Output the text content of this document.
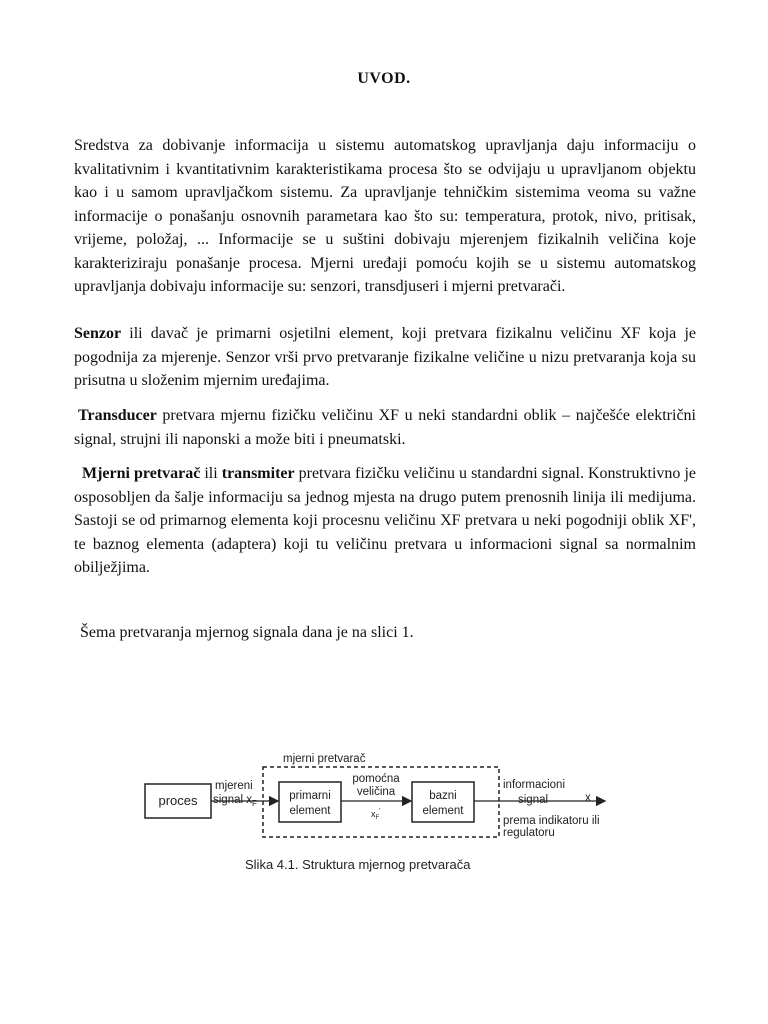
UVOD.

Sredstva za dobivanje informacija u sistemu automatskog upravljanja daju informaciju o kvalitativnim i kvantitativnim karakteristikama procesa što se odvijaju u upravljanom objektu kao i u samom upravljačkom sistemu. Za upravljanje tehničkim sistemima veoma su važne informacije o ponašanju osnovnih parametara kao što su: temperatura, protok, nivo, pritisak, vrijeme, položaj, ... Informacije se u suštini dobivaju mjerenjem fizikalnih veličina koje karakteriziraju ponašanje procesa. Mjerni uređaji pomoću kojih se u sistemu automatskog upravljanja dobivaju informacije su: senzori, transdjuseri i mjerni pretvarači.

Senzor ili davač je primarni osjetilni element, koji pretvara fizikalnu veličinu XF koja je pogodnija za mjerenje. Senzor vrši prvo pretvaranje fizikalne veličine u nizu pretvaranja koja su prisutna u složenim mjernim uređajima.

Transducer pretvara mjernu fizičku veličinu XF u neki standardni oblik – najčešće električni signal, strujni ili naponski a može biti i pneumatski.

Mjerni pretvarač ili transmiter pretvara fizičku veličinu u standardni signal. Konstruktivno je osposobljen da šalje informaciju sa jednog mjesta na drugo putem prenosnih linija ili medijuma. Sastoji se od primarnog elementa koji procesnu veličinu XF pretvara u neki pogodniji oblik XF', te baznog elementa (adaptera) koji tu veličinu pretvara u informacioni signal sa normalnim obilježjima.

Šema pretvaranja mjernog signala dana je na slici 1.

mjerni pretvarač
proces
mjereni
signal $x_F$
primarni
element
pomoćna
veličina
$x_F'$
bazni
element
informacioni
signal	x
prema indikatoru ili
regulatoru
Slika 4.1. Struktura mjernog pretvarača
